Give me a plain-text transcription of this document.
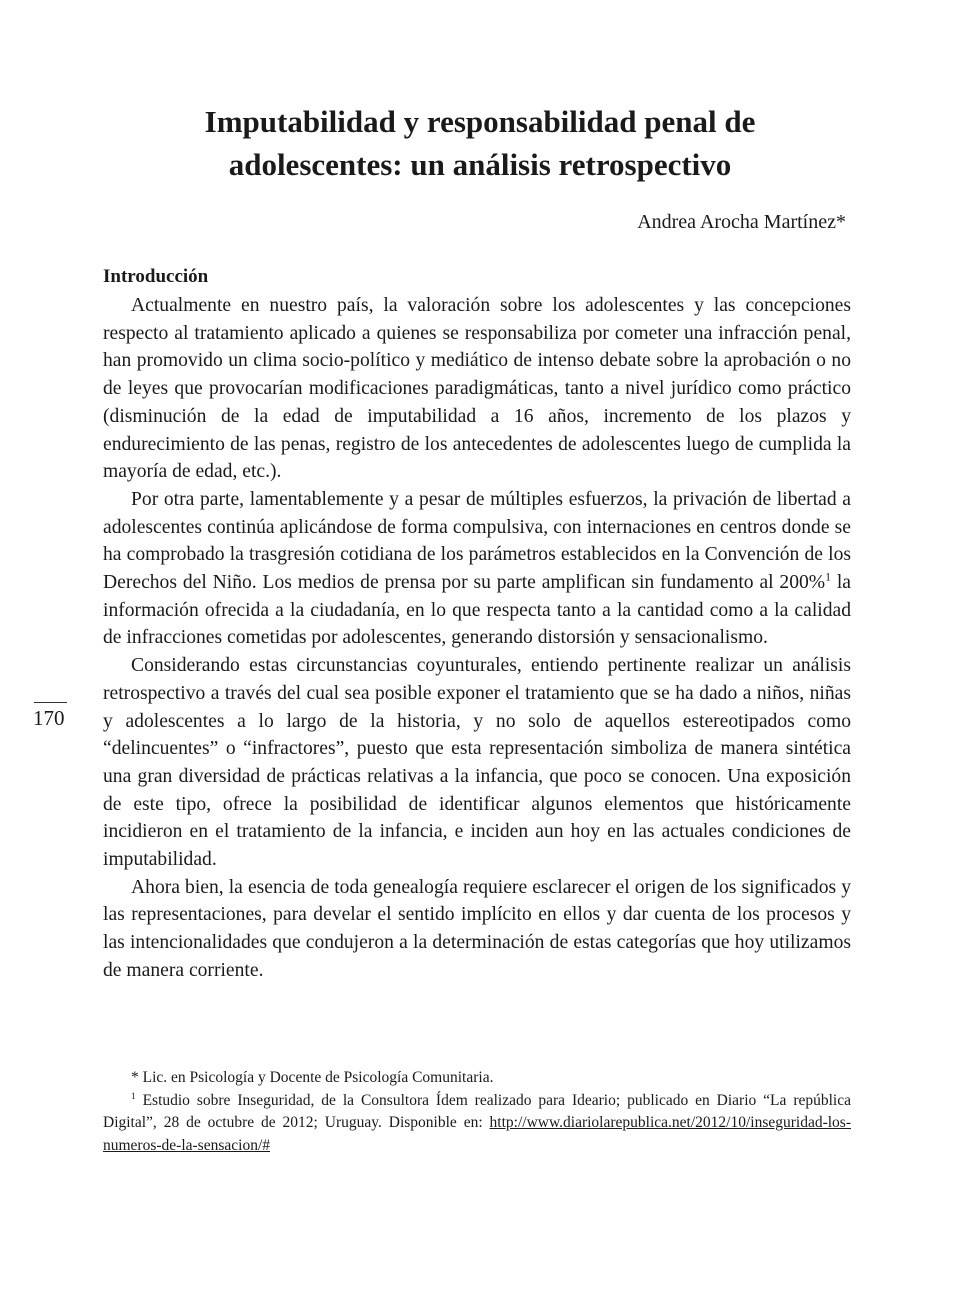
Imputabilidad y responsabilidad penal de
adolescentes: un análisis retrospectivo

Andrea Arocha Martínez*

Introducción

Actualmente en nuestro país, la valoración sobre los adolescentes y las concepciones respecto al tratamiento aplicado a quienes se responsabiliza por cometer una infracción penal, han promovido un clima socio-político y mediático de intenso debate sobre la aprobación o no de leyes que provocarían modificaciones paradigmáticas, tanto a nivel jurídico como práctico (disminución de la edad de imputabilidad a 16 años, incremento de los plazos y endurecimiento de las penas, registro de los antecedentes de adolescentes luego de cumplida la mayoría de edad, etc.).

Por otra parte, lamentablemente y a pesar de múltiples esfuerzos, la privación de libertad a adolescentes continúa aplicándose de forma compulsiva, con internaciones en centros donde se ha comprobado la trasgresión cotidiana de los parámetros establecidos en la Convención de los Derechos del Niño. Los medios de prensa por su parte amplifican sin fundamento al 200%$^1$ la información ofrecida a la ciudadanía, en lo que respecta tanto a la cantidad como a la calidad de infracciones cometidas por adolescentes, generando distorsión y sensacionalismo.

Considerando estas circunstancias coyunturales, entiendo pertinente realizar un análisis retrospectivo a través del cual sea posible exponer el tratamiento que se ha dado a niños, niñas y adolescentes a lo largo de la historia, y no solo de aquellos estereotipados como “delincuentes” o “infractores”, puesto que esta representación simboliza de manera sintética una gran diversidad de prácticas relativas a la infancia, que poco se conocen. Una exposición de este tipo, ofrece la posibilidad de identificar algunos elementos que históricamente incidieron en el tratamiento de la infancia, e inciden aun hoy en las actuales condiciones de imputabilidad.

Ahora bien, la esencia de toda genealogía requiere esclarecer el origen de los significados y las representaciones, para develar el sentido implícito en ellos y dar cuenta de los procesos y las intencionalidades que condujeron a la determinación de estas categorías que hoy utilizamos de manera corriente.

170

* Lic. en Psicología y Docente de Psicología Comunitaria.

$^1$ Estudio sobre Inseguridad, de la Consultora Ídem realizado para Ideario; publicado en Diario “La república Digital”, 28 de octubre de 2012; Uruguay. Disponible en: http://www.diariolarepublica.net/2012/10/inseguridad-los-numeros-de-la-sensacion/#
